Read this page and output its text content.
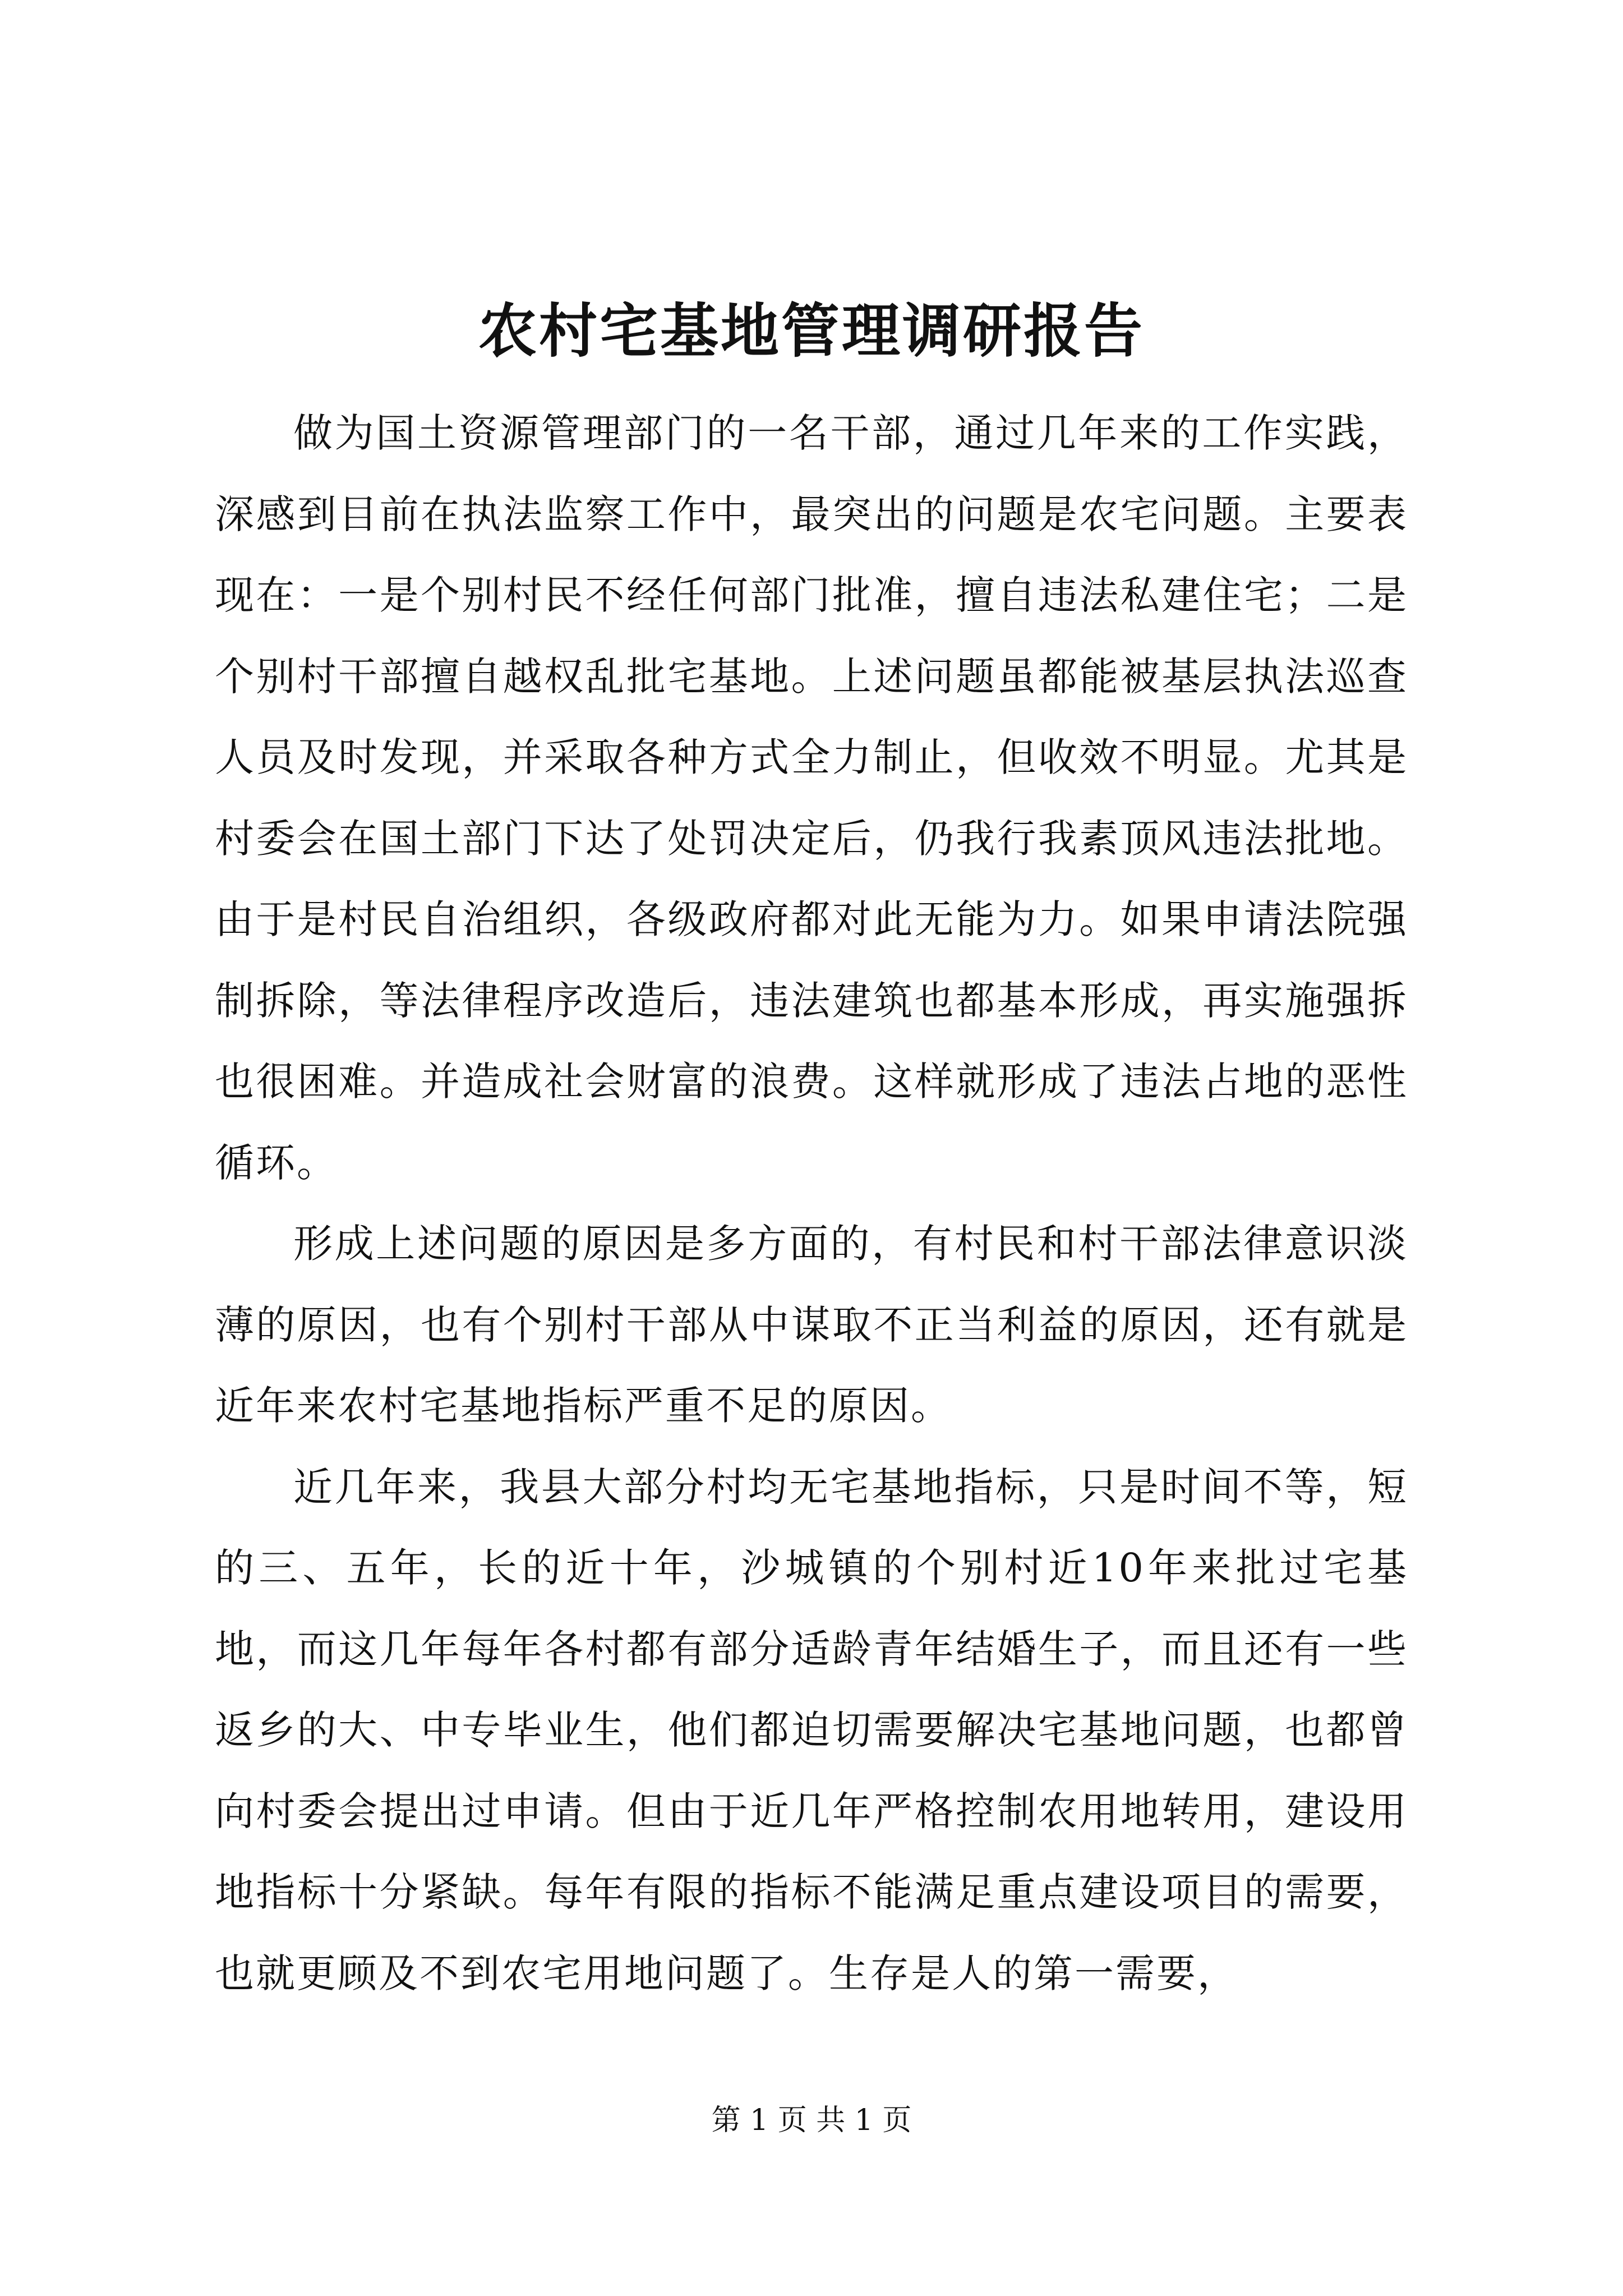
农村宅基地管理调研报告

做为国土资源管理部门的一名干部，通过几年来的工作实践，深感到目前在执法监察工作中，最突出的问题是农宅问题。主要表现在：一是个别村民不经任何部门批准，擅自违法私建住宅；二是个别村干部擅自越权乱批宅基地。上述问题虽都能被基层执法巡查人员及时发现，并采取各种方式全力制止，但收效不明显。尤其是村委会在国土部门下达了处罚决定后，仍我行我素顶风违法批地。由于是村民自治组织，各级政府都对此无能为力。如果申请法院强制拆除，等法律程序改造后，违法建筑也都基本形成，再实施强拆也很困难。并造成社会财富的浪费。这样就形成了违法占地的恶性循环。

形成上述问题的原因是多方面的，有村民和村干部法律意识淡薄的原因，也有个别村干部从中谋取不正当利益的原因，还有就是近年来农村宅基地指标严重不足的原因。

近几年来，我县大部分村均无宅基地指标，只是时间不等，短的三、五年，长的近十年，沙城镇的个别村近10年来批过宅基地，而这几年每年各村都有部分适龄青年结婚生子，而且还有一些返乡的大、中专毕业生，他们都迫切需要解决宅基地问题，也都曾向村委会提出过申请。但由于近几年严格控制农用地转用，建设用地指标十分紧缺。每年有限的指标不能满足重点建设项目的需要，也就更顾及不到农宅用地问题了。生存是人的第一需要，

第 1 页 共 1 页
